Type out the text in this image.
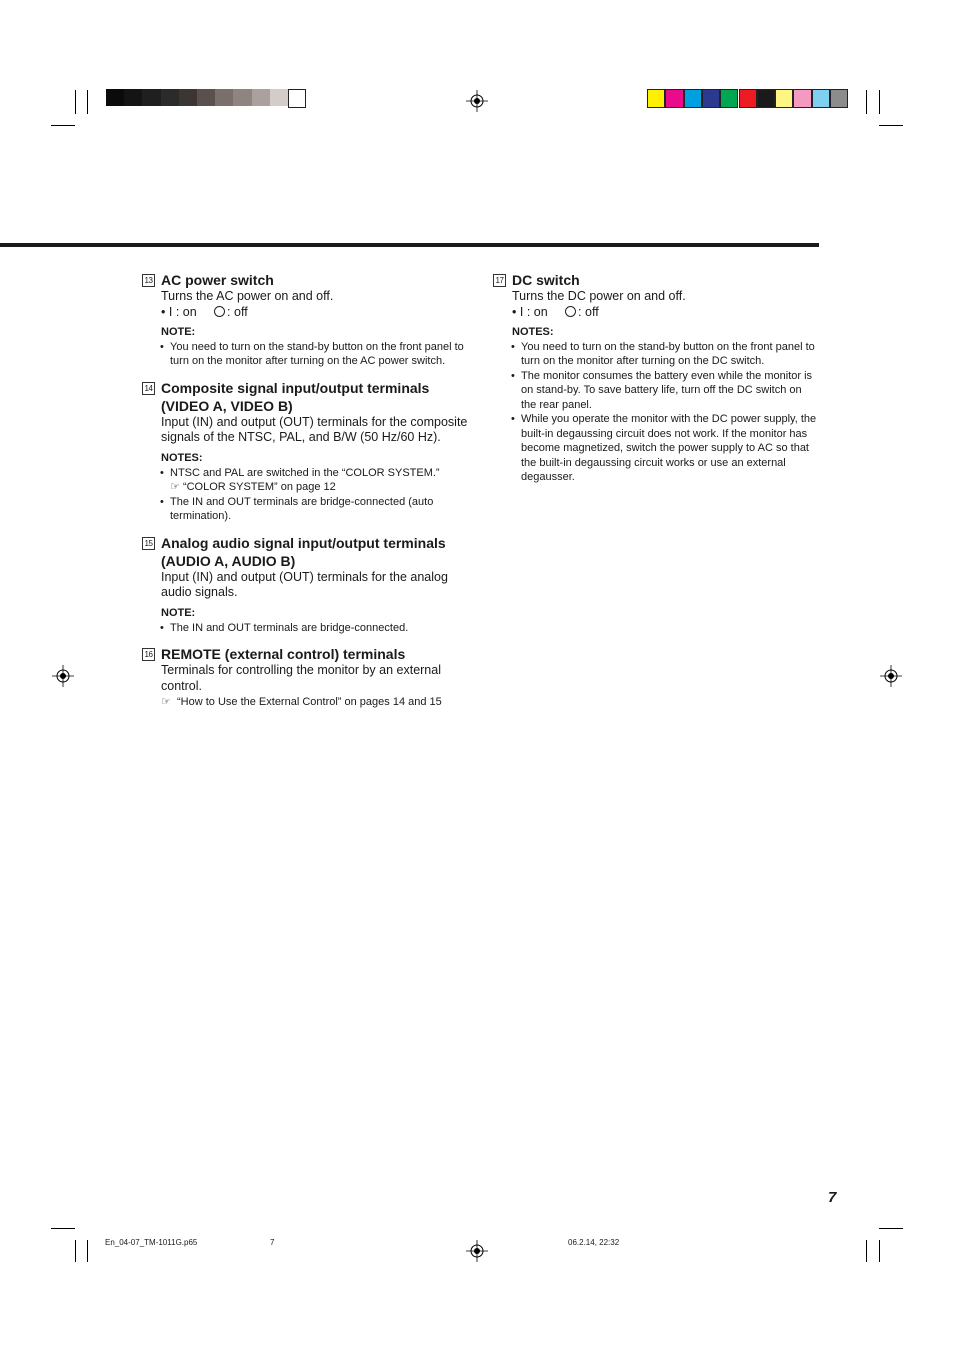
13 AC power switch
Turns the AC power on and off.
• I : on : off
NOTE:
• You need to turn on the stand-by button on the front panel to turn on the monitor after turning on the AC power switch.
14 Composite signal input/output terminals (VIDEO A, VIDEO B)
Input (IN) and output (OUT) terminals for the composite signals of the NTSC, PAL, and B/W (50 Hz/60 Hz).
NOTES:
• NTSC and PAL are switched in the “COLOR SYSTEM.”
☞ “COLOR SYSTEM” on page 12
• The IN and OUT terminals are bridge-connected (auto termination).
15 Analog audio signal input/output terminals (AUDIO A, AUDIO B)
Input (IN) and output (OUT) terminals for the analog audio signals.
NOTE:
• The IN and OUT terminals are bridge-connected.
16 REMOTE (external control) terminals
Terminals for controlling the monitor by an external control.
☞ “How to Use the External Control” on pages 14 and 15
17 DC switch
Turns the DC power on and off.
• I : on : off
NOTES:
• You need to turn on the stand-by button on the front panel to turn on the monitor after turning on the DC switch.
• The monitor consumes the battery even while the monitor is on stand-by. To save battery life, turn off the DC switch on the rear panel.
• While you operate the monitor with the DC power supply, the built-in degaussing circuit does not work. If the monitor has become magnetized, switch the power supply to AC so that the built-in degaussing circuit works or use an external degausser.
7
En_04-07_TM-1011G.p65	7	06.2.14, 22:32
